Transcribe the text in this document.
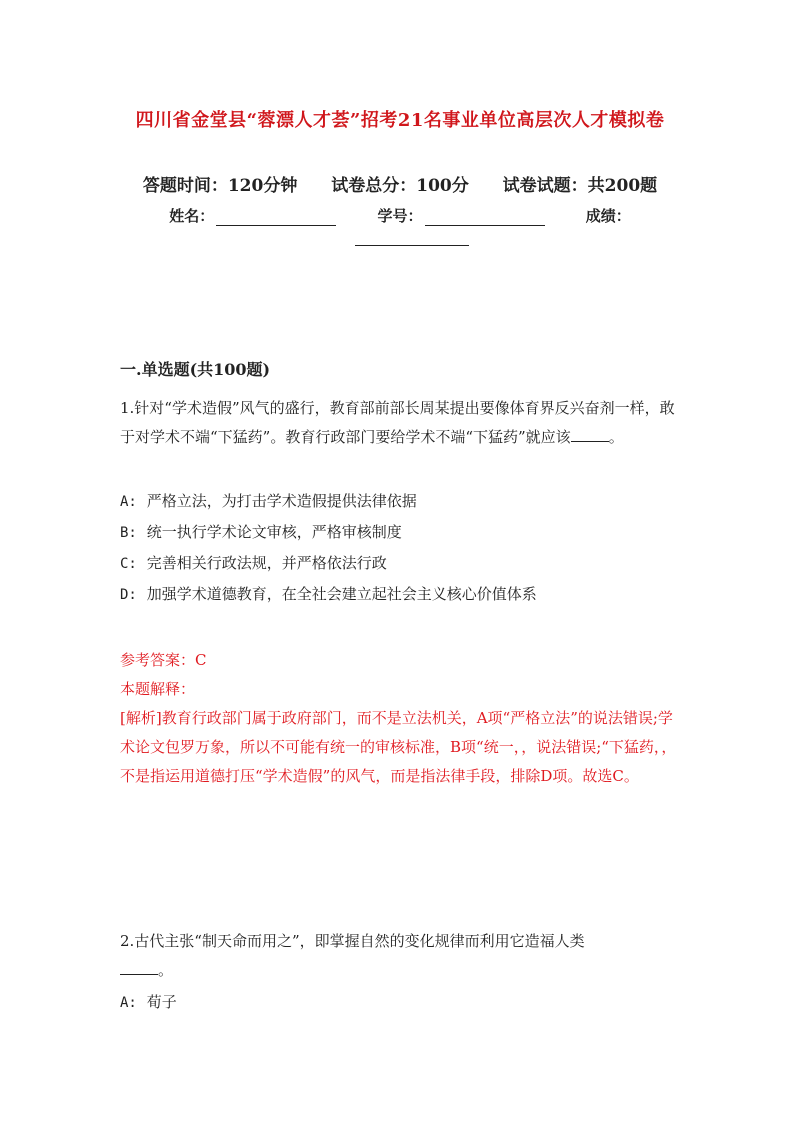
四川省金堂县“蓉漂人才荟”招考21名事业单位高层次人才模拟卷
答题时间：120分钟 试卷总分：100分 试卷试题：共200题
姓名：	学号：	成绩：
一.单选题(共100题)
1.针对“学术造假”风气的盛行，教育部前部长周某提出要像体育界反兴奋剂一样，敢于对学术不端“下猛药”。教育行政部门要给学术不端“下猛药”就应该	。
A: 严格立法，为打击学术造假提供法律依据
B: 统一执行学术论文审核，严格审核制度
C: 完善相关行政法规，并严格依法行政
D: 加强学术道德教育，在全社会建立起社会主义核心价值体系
参考答案：C
本题解释：
[解析]教育行政部门属于政府部门，而不是立法机关，A项“严格立法”的说法错误;学术论文包罗万象，所以不可能有统一的审核标准，B项“统一，，说法错误;“下猛药，，不是指运用道德打压“学术造假”的风气，而是指法律手段，排除D项。故选C。
2.古代主张“制天命而用之”，即掌握自然的变化规律而利用它造福人类
。
A: 荀子
